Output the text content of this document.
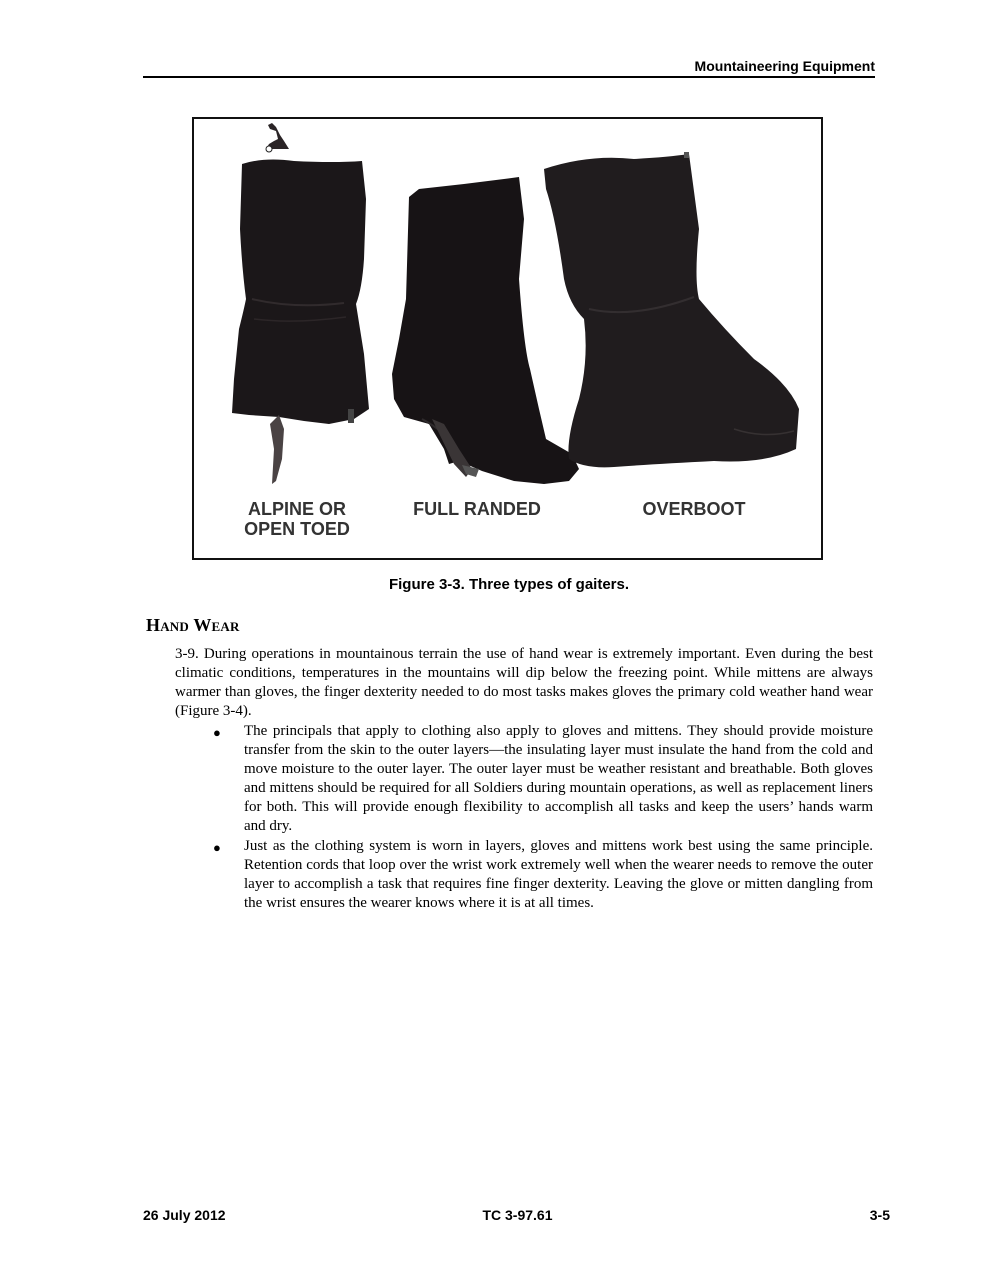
Mountaineering Equipment
ALPINE OR
OPEN TOED
FULL RANDED	OVERBOOT
Figure 3-3. Three types of gaiters.
Hand Wear
3-9. During operations in mountainous terrain the use of hand wear is extremely important. Even during the best climatic conditions, temperatures in the mountains will dip below the freezing point. While mittens are always warmer than gloves, the finger dexterity needed to do most tasks makes gloves the primary cold weather hand wear (Figure 3-4).
● The principals that apply to clothing also apply to gloves and mittens. They should provide moisture transfer from the skin to the outer layers—the insulating layer must insulate the hand from the cold and move moisture to the outer layer. The outer layer must be weather resistant and breathable. Both gloves and mittens should be required for all Soldiers during mountain operations, as well as replacement liners for both. This will provide enough flexibility to accomplish all tasks and keep the users’ hands warm and dry.
● Just as the clothing system is worn in layers, gloves and mittens work best using the same principle. Retention cords that loop over the wrist work extremely well when the wearer needs to remove the outer layer to accomplish a task that requires fine finger dexterity. Leaving the glove or mitten dangling from the wrist ensures the wearer knows where it is at all times.
26 July 2012	TC 3-97.61	3-5
